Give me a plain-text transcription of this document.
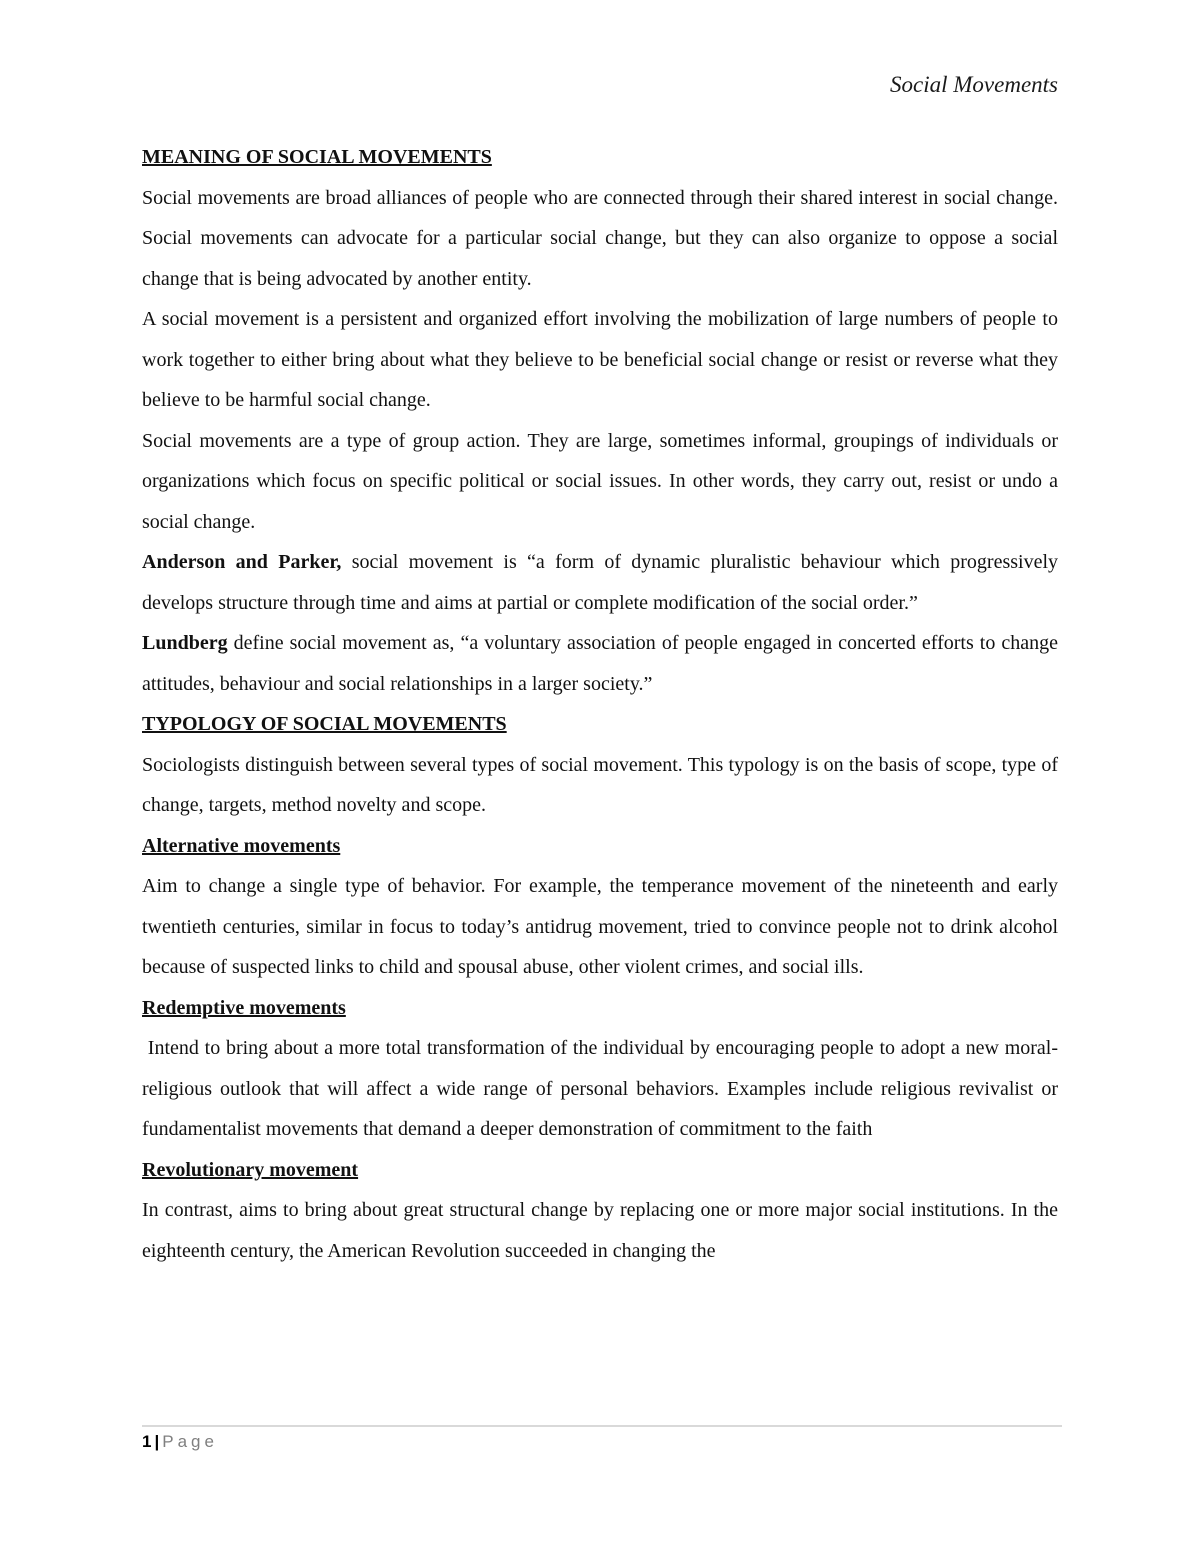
Social Movements

MEANING OF SOCIAL MOVEMENTS

Social movements are broad alliances of people who are connected through their shared interest in social change. Social movements can advocate for a particular social change, but they can also organize to oppose a social change that is being advocated by another entity.

A social movement is a persistent and organized effort involving the mobilization of large numbers of people to work together to either bring about what they believe to be beneficial social change or resist or reverse what they believe to be harmful social change.

Social movements are a type of group action. They are large, sometimes informal, groupings of individuals or organizations which focus on specific political or social issues. In other words, they carry out, resist or undo a social change.

Anderson and Parker, social movement is “a form of dynamic pluralistic behaviour which progressively develops structure through time and aims at partial or complete modification of the social order.”

Lundberg define social movement as, “a voluntary association of people engaged in concerted efforts to change attitudes, behaviour and social relationships in a larger society.”

TYPOLOGY OF SOCIAL MOVEMENTS

Sociologists distinguish between several types of social movement. This typology is on the basis of scope, type of change, targets, method novelty and scope.

Alternative movements

Aim to change a single type of behavior. For example, the temperance movement of the nineteenth and early twentieth centuries, similar in focus to today’s antidrug movement, tried to convince people not to drink alcohol because of suspected links to child and spousal abuse, other violent crimes, and social ills.

Redemptive movements

Intend to bring about a more total transformation of the individual by encouraging people to adopt a new moral-religious outlook that will affect a wide range of personal behaviors. Examples include religious revivalist or fundamentalist movements that demand a deeper demonstration of commitment to the faith

Revolutionary movement

In contrast, aims to bring about great structural change by replacing one or more major social institutions. In the eighteenth century, the American Revolution succeeded in changing the

1 | Page
